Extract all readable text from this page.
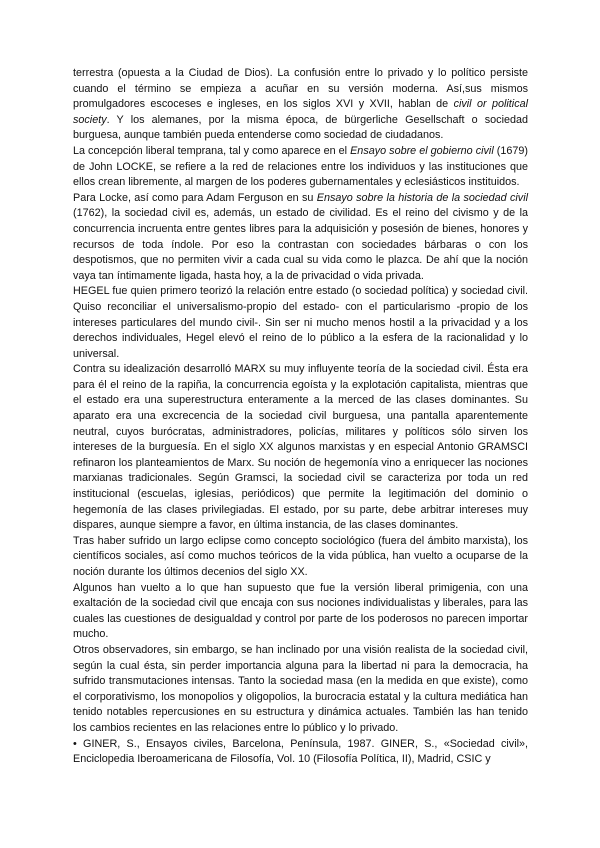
terrestra (opuesta a la Ciudad de Dios). La confusión entre lo privado y lo político persiste cuando el término se empieza a acuñar en su versión moderna. Así,sus mismos promulgadores escoceses e ingleses, en los siglos XVI y XVII, hablan de civil or political society. Y los alemanes, por la misma época, de bürgerliche Gesellschaft o sociedad burguesa, aunque también pueda entenderse como sociedad de ciudadanos.

La concepción liberal temprana, tal y como aparece en el Ensayo sobre el gobierno civil (1679) de John LOCKE, se refiere a la red de relaciones entre los individuos y las instituciones que ellos crean libremente, al margen de los poderes gubernamentales y eclesiásticos instituidos.

Para Locke, así como para Adam Ferguson en su Ensayo sobre la historia de la sociedad civil (1762), la sociedad civil es, además, un estado de civilidad. Es el reino del civismo y de la concurrencia incruenta entre gentes libres para la adquisición y posesión de bienes, honores y recursos de toda índole. Por eso la contrastan con sociedades bárbaras o con los despotismos, que no permiten vivir a cada cual su vida como le plazca. De ahí que la noción vaya tan íntimamente ligada, hasta hoy, a la de privacidad o vida privada.

HEGEL fue quien primero teorizó la relación entre estado (o sociedad política) y sociedad civil. Quiso reconciliar el universalismo-propio del estado- con el particularismo -propio de los intereses particulares del mundo civil-. Sin ser ni mucho menos hostil a la privacidad y a los derechos individuales, Hegel elevó el reino de lo público a la esfera de la racionalidad y lo universal.

Contra su idealización desarrolló MARX su muy influyente teoría de la sociedad civil. Ésta era para él el reino de la rapiña, la concurrencia egoísta y la explotación capitalista, mientras que el estado era una superestructura enteramente a la merced de las clases dominantes. Su aparato era una excrecencia de la sociedad civil burguesa, una pantalla aparentemente neutral, cuyos burócratas, administradores, policías, militares y políticos sólo sirven los intereses de la burguesía. En el siglo XX algunos marxistas y en especial Antonio GRAMSCI refinaron los planteamientos de Marx. Su noción de hegemonía vino a enriquecer las nociones marxianas tradicionales. Según Gramsci, la sociedad civil se caracteriza por toda un red institucional (escuelas, iglesias, periódicos) que permite la legitimación del dominio o hegemonía de las clases privilegiadas. El estado, por su parte, debe arbitrar intereses muy dispares, aunque siempre a favor, en última instancia, de las clases dominantes.

Tras haber sufrido un largo eclipse como concepto sociológico (fuera del ámbito marxista), los científicos sociales, así como muchos teóricos de la vida pública, han vuelto a ocuparse de la noción durante los últimos decenios del siglo XX.

Algunos han vuelto a lo que han supuesto que fue la versión liberal primigenia, con una exaltación de la sociedad civil que encaja con sus nociones individualistas y liberales, para las cuales las cuestiones de desigualdad y control por parte de los poderosos no parecen importar mucho.

Otros observadores, sin embargo, se han inclinado por una visión realista de la sociedad civil, según la cual ésta, sin perder importancia alguna para la libertad ni para la democracia, ha sufrido transmutaciones intensas. Tanto la sociedad masa (en la medida en que existe), como el corporativismo, los monopolios y oligopolios, la burocracia estatal y la cultura mediática han tenido notables repercusiones en su estructura y dinámica actuales. También las han tenido los cambios recientes en las relaciones entre lo público y lo privado.

• GINER, S., Ensayos civiles, Barcelona, Península, 1987. GINER, S., «Sociedad civil», Enciclopedia Iberoamericana de Filosofía, Vol. 10 (Filosofía Política, II), Madrid, CSIC y
